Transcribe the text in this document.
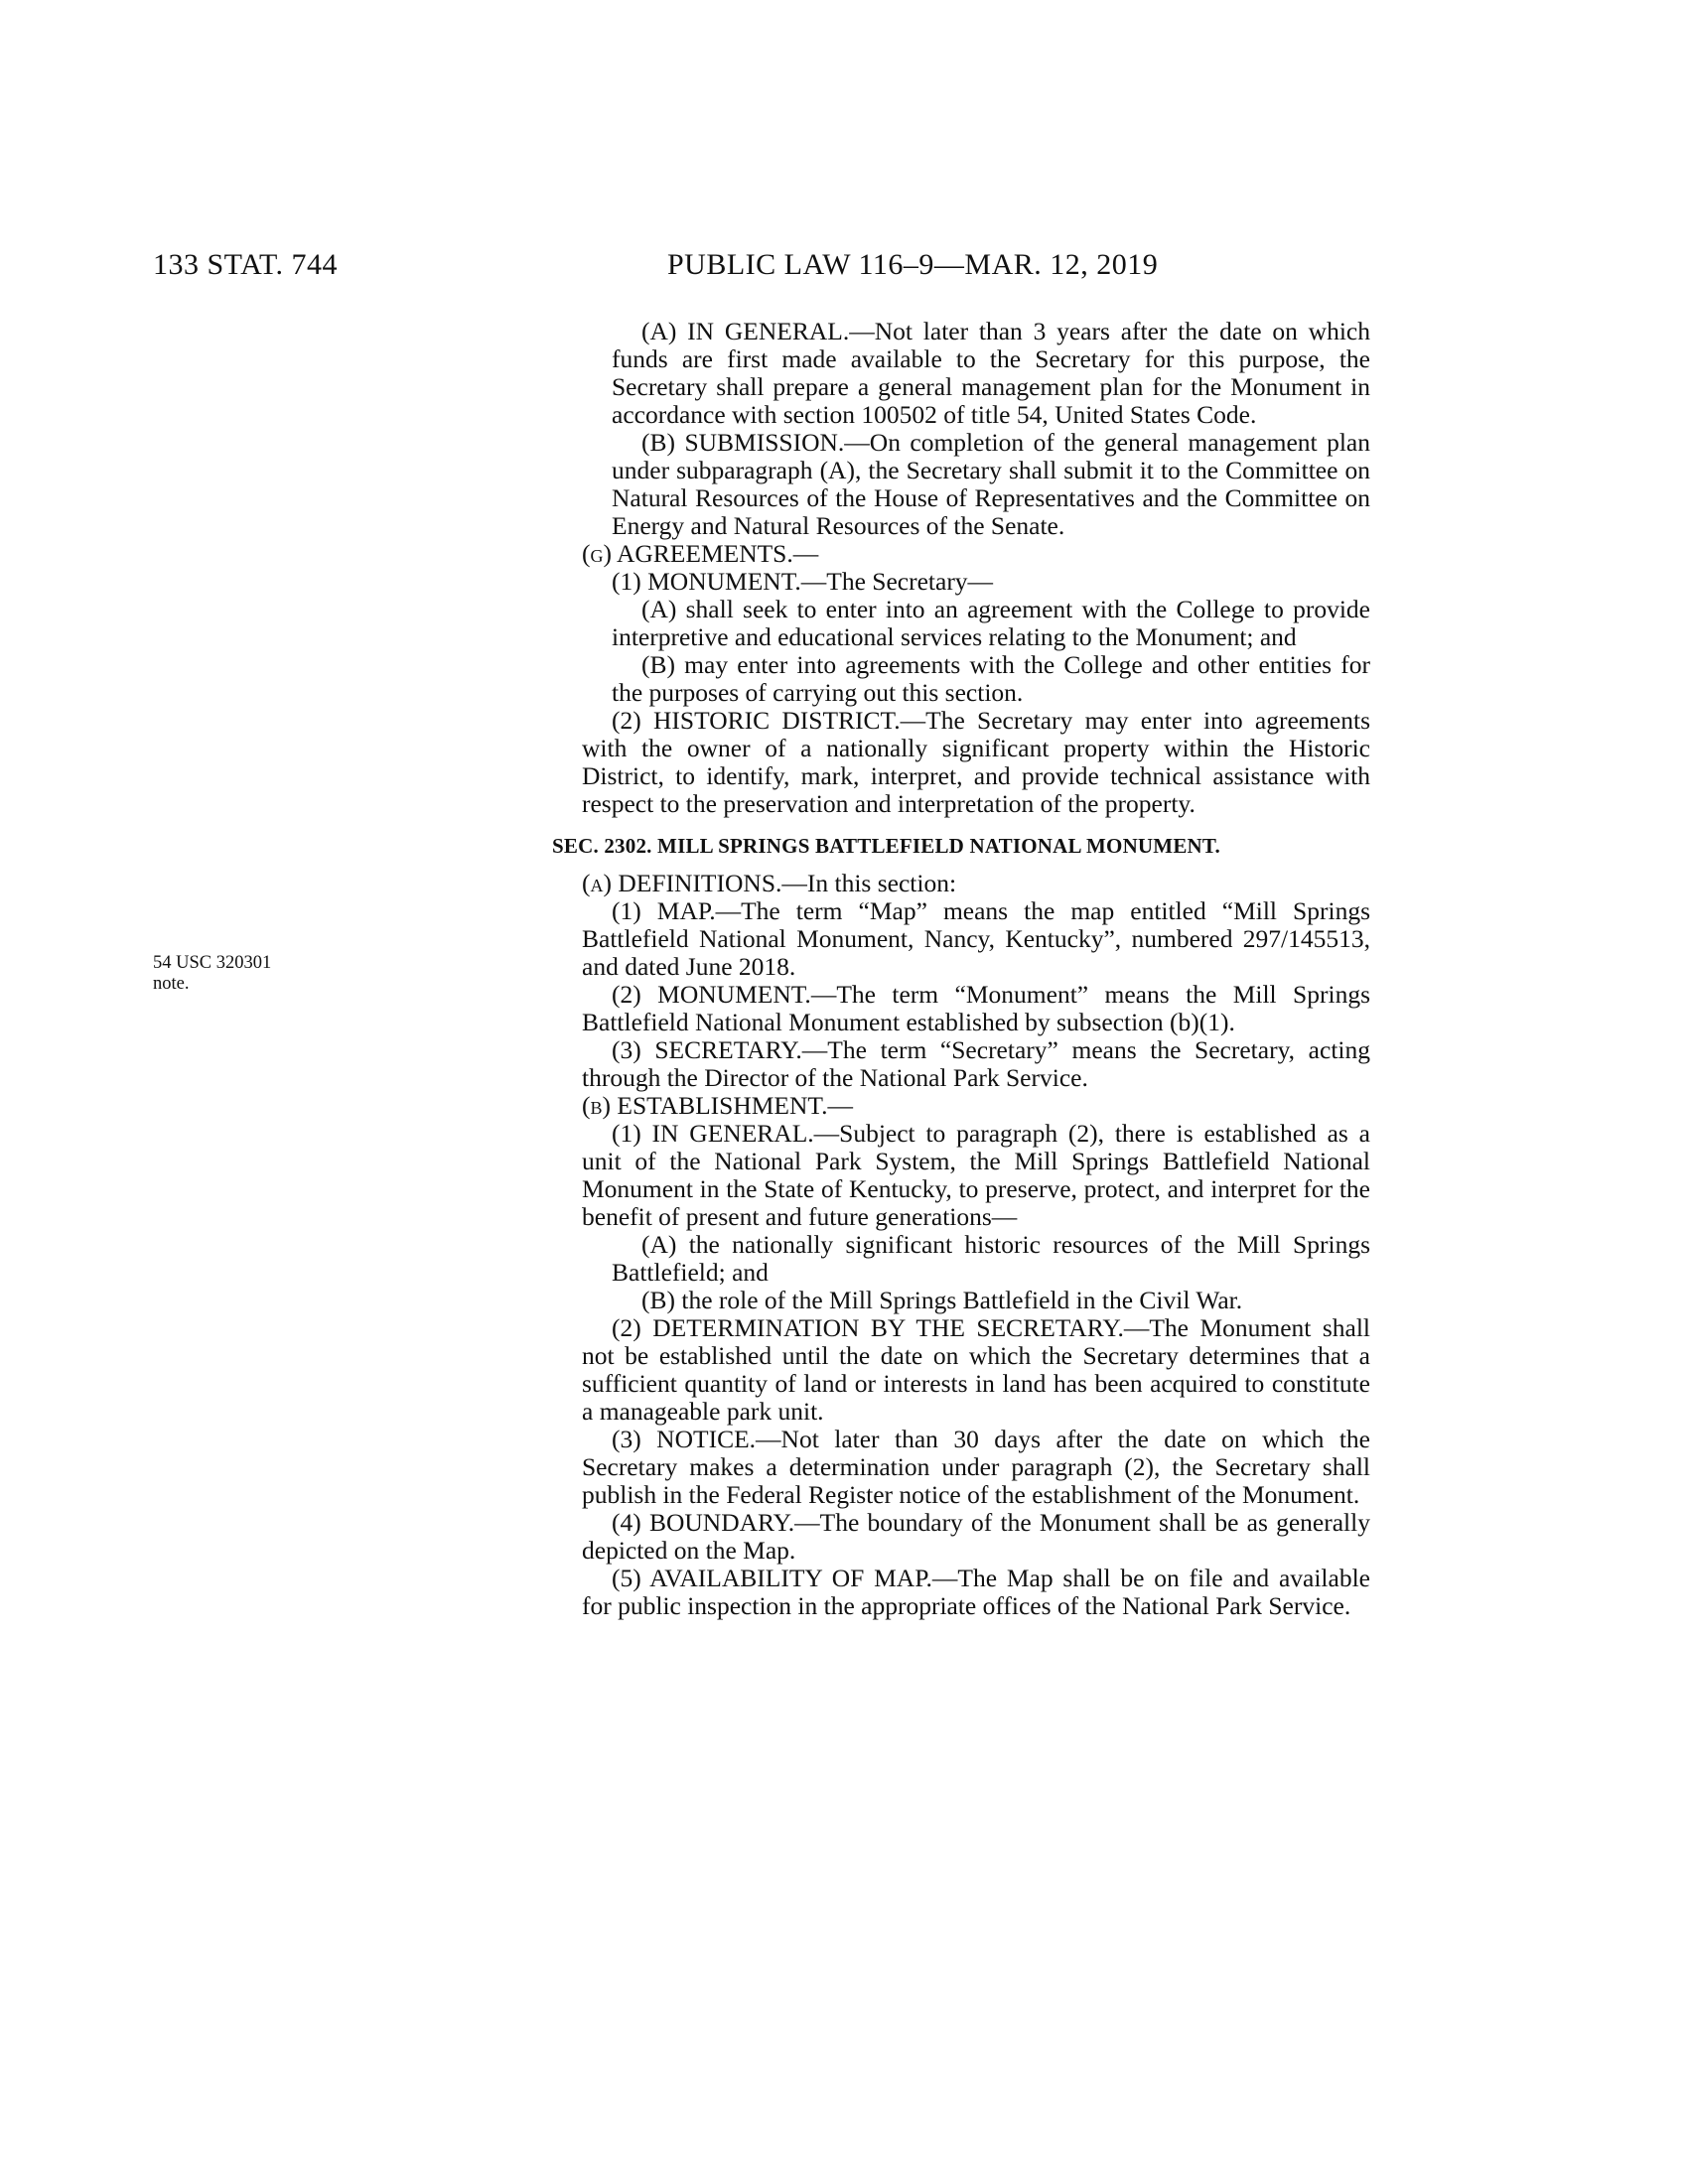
133 STAT. 744	PUBLIC LAW 116–9—MAR. 12, 2019
54 USC 320301
note.

(A) IN GENERAL.—Not later than 3 years after the date on which funds are first made available to the Secretary for this purpose, the Secretary shall prepare a general management plan for the Monument in accordance with section 100502 of title 54, United States Code.

(B) SUBMISSION.—On completion of the general management plan under subparagraph (A), the Secretary shall submit it to the Committee on Natural Resources of the House of Representatives and the Committee on Energy and Natural Resources of the Senate.

(g) AGREEMENTS.—

(1) MONUMENT.—The Secretary—

(A) shall seek to enter into an agreement with the College to provide interpretive and educational services relating to the Monument; and

(B) may enter into agreements with the College and other entities for the purposes of carrying out this section.

(2) HISTORIC DISTRICT.—The Secretary may enter into agreements with the owner of a nationally significant property within the Historic District, to identify, mark, interpret, and provide technical assistance with respect to the preservation and interpretation of the property.

SEC. 2302. MILL SPRINGS BATTLEFIELD NATIONAL MONUMENT.

(a) DEFINITIONS.—In this section:

(1) MAP.—The term “Map” means the map entitled “Mill Springs Battlefield National Monument, Nancy, Kentucky”, numbered 297/145513, and dated June 2018.

(2) MONUMENT.—The term “Monument” means the Mill Springs Battlefield National Monument established by subsection (b)(1).

(3) SECRETARY.—The term “Secretary” means the Secretary, acting through the Director of the National Park Service.

(b) ESTABLISHMENT.—

(1) IN GENERAL.—Subject to paragraph (2), there is established as a unit of the National Park System, the Mill Springs Battlefield National Monument in the State of Kentucky, to preserve, protect, and interpret for the benefit of present and future generations—

(A) the nationally significant historic resources of the Mill Springs Battlefield; and

(B) the role of the Mill Springs Battlefield in the Civil War.

(2) DETERMINATION BY THE SECRETARY.—The Monument shall not be established until the date on which the Secretary determines that a sufficient quantity of land or interests in land has been acquired to constitute a manageable park unit.

(3) NOTICE.—Not later than 30 days after the date on which the Secretary makes a determination under paragraph (2), the Secretary shall publish in the Federal Register notice of the establishment of the Monument.

(4) BOUNDARY.—The boundary of the Monument shall be as generally depicted on the Map.

(5) AVAILABILITY OF MAP.—The Map shall be on file and available for public inspection in the appropriate offices of the National Park Service.
